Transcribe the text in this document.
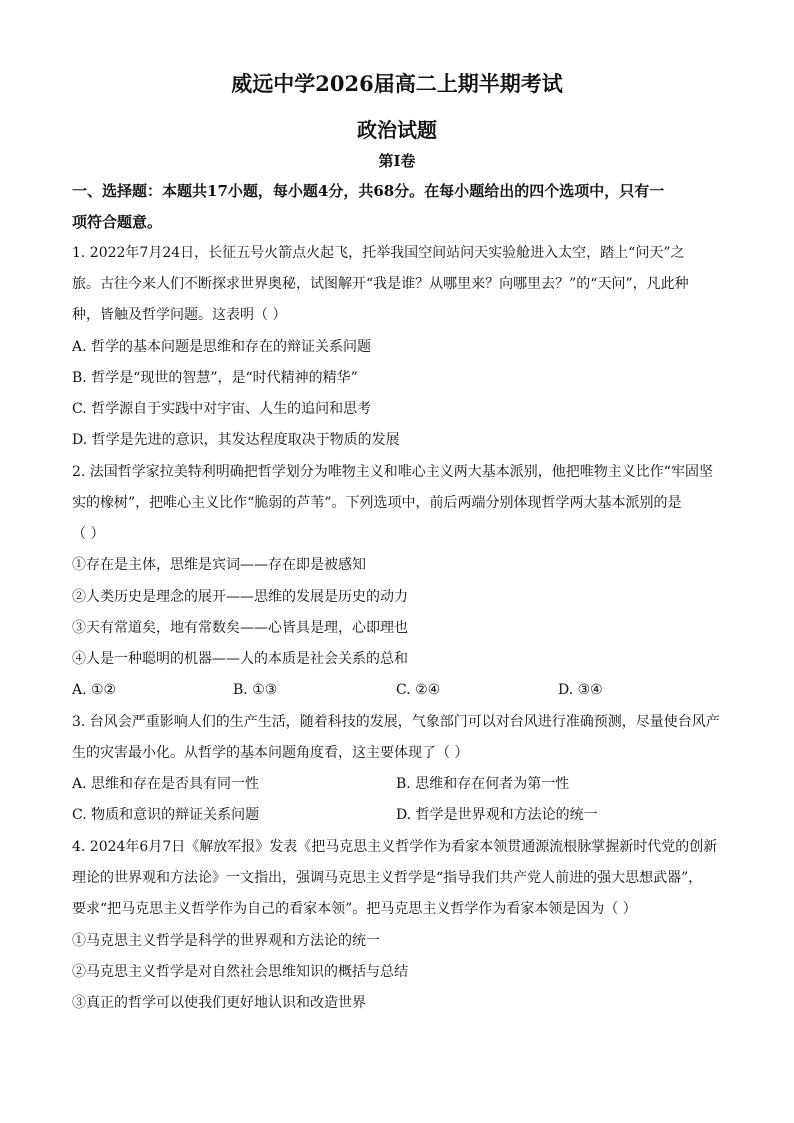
威远中学2026届高二上期半期考试
政治试题
第Ⅰ卷
一、选择题：本题共17小题，每小题4分，共68分。在每小题给出的四个选项中，只有一
项符合题意。
1. 2022年7月24日，长征五号火箭点火起飞，托举我国空间站问天实验舱进入太空，踏上“问天”之
旅。古往今来人们不断探求世界奥秘，试图解开“我是谁？从哪里来？向哪里去？”的“天问”，凡此种
种，皆触及哲学问题。这表明（ ）
A. 哲学的基本问题是思维和存在的辩证关系问题
B. 哲学是“现世的智慧”，是“时代精神的精华”
C. 哲学源自于实践中对宇宙、人生的追问和思考
D. 哲学是先进的意识，其发达程度取决于物质的发展
2. 法国哲学家拉美特利明确把哲学划分为唯物主义和唯心主义两大基本派别，他把唯物主义比作“牢固坚
实的橡树”，把唯心主义比作“脆弱的芦苇”。下列选项中，前后两端分别体现哲学两大基本派别的是
（ ）
①存在是主体，思维是宾词——存在即是被感知
②人类历史是理念的展开——思维的发展是历史的动力
③天有常道矣，地有常数矣——心皆具是理，心即理也
④人是一种聪明的机器——人的本质是社会关系的总和
A. ①②	B. ①③	C. ②④	D. ③④
3. 台风会严重影响人们的生产生活，随着科技的发展，气象部门可以对台风进行准确预测，尽量使台风产
生的灾害最小化。从哲学的基本问题角度看，这主要体现了（ ）
A. 思维和存在是否具有同一性	B. 思维和存在何者为第一性
C. 物质和意识的辩证关系问题	D. 哲学是世界观和方法论的统一
4. 2024年6月7日《解放军报》发表《把马克思主义哲学作为看家本领贯通源流根脉掌握新时代党的创新
理论的世界观和方法论》一文指出，强调马克思主义哲学是“指导我们共产党人前进的强大思想武器”，
要求“把马克思主义哲学作为自己的看家本领”。把马克思主义哲学作为看家本领是因为（ ）
①马克思主义哲学是科学的世界观和方法论的统一
②马克思主义哲学是对自然社会思维知识的概括与总结
③真正的哲学可以使我们更好地认识和改造世界
